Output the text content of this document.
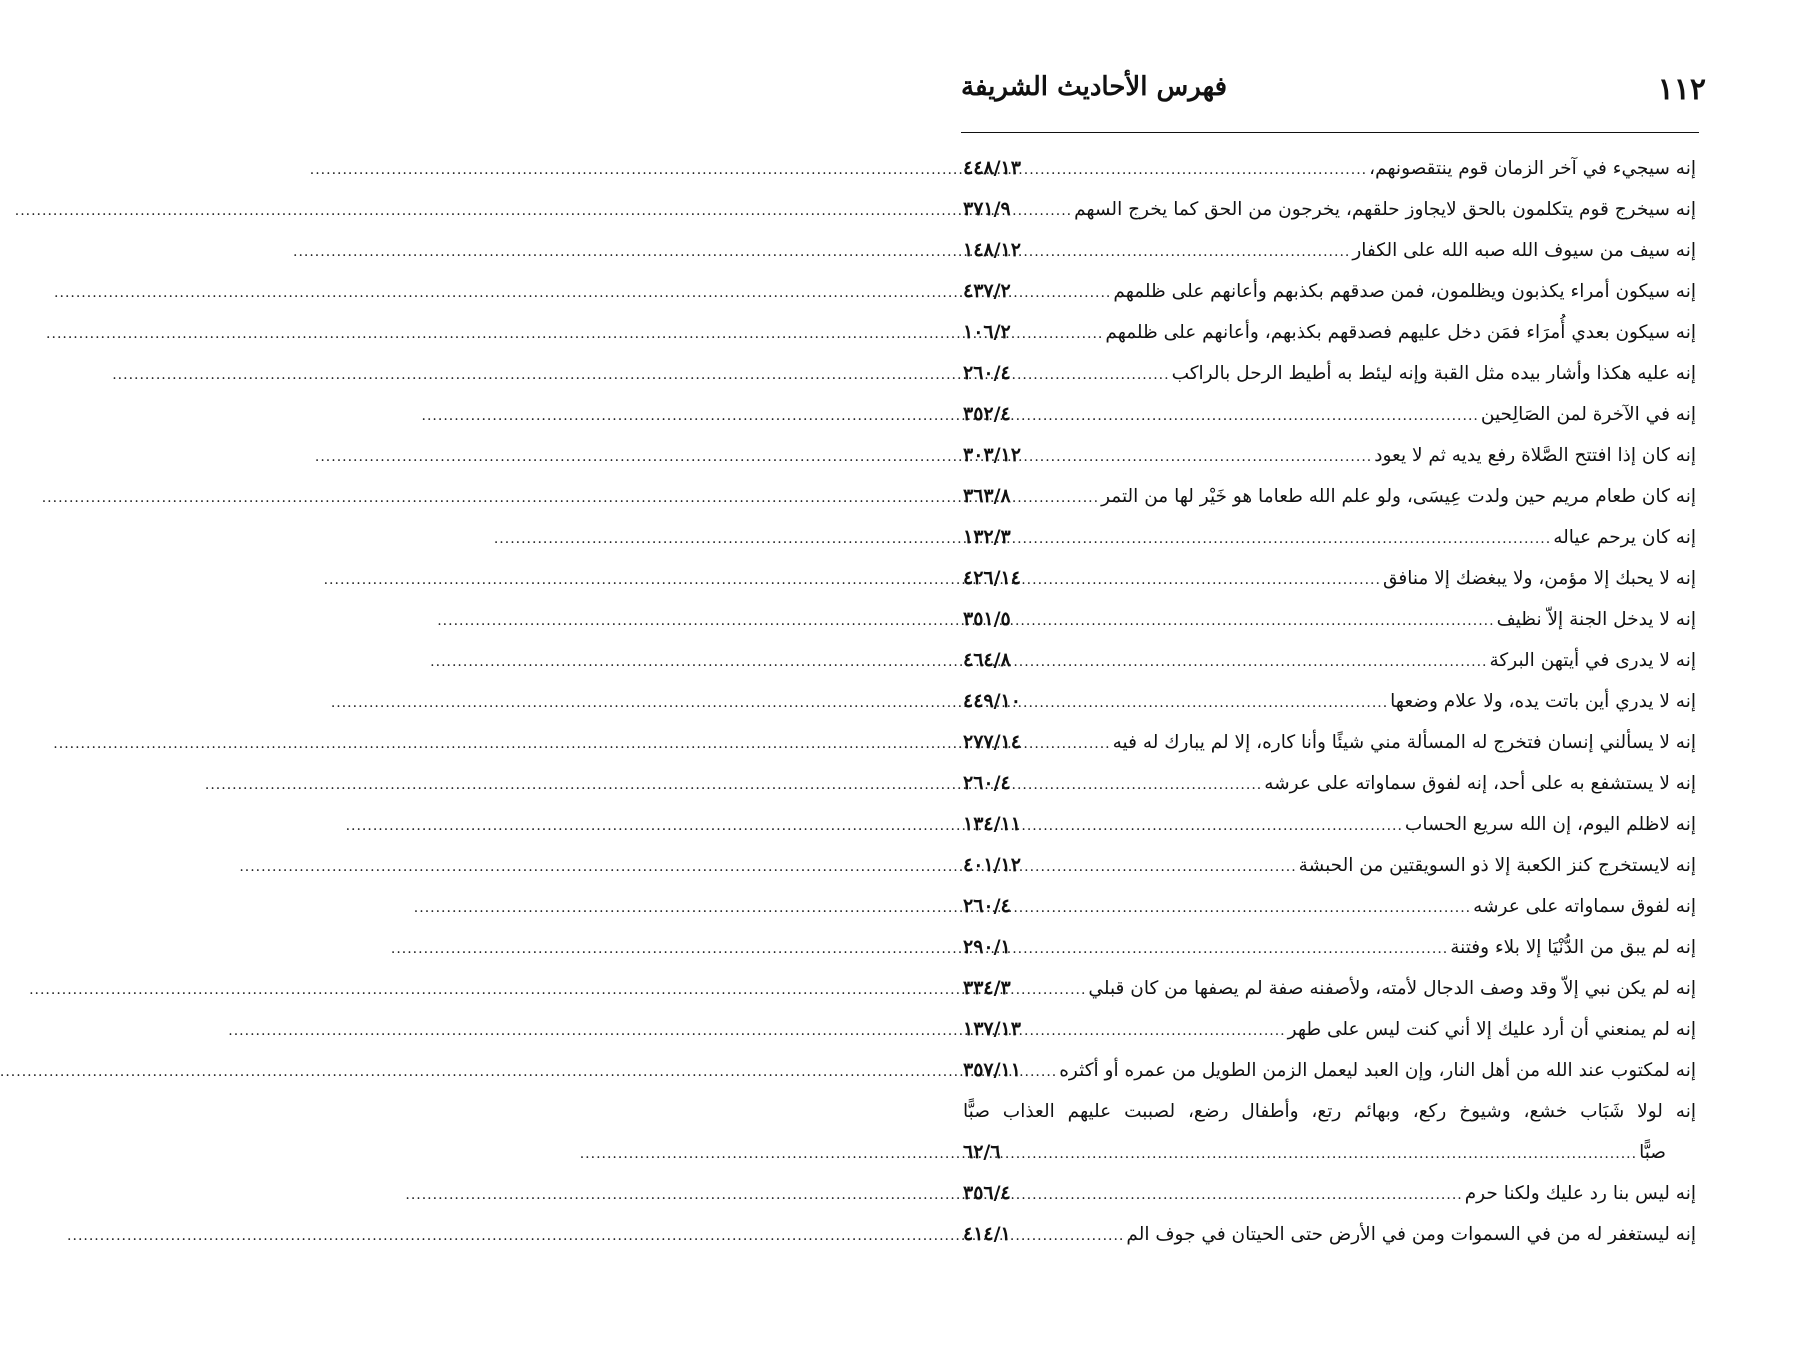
١١٢
فهرس الأحاديث الشريفة
إنه سيجيء في آخر الزمان قوم ينتقصونهم،
.....
٤٤٨/١٣
إنه سيخرج قوم يتكلمون بالحق لايجاوز حلقهم، يخرجون من الحق كما يخرج السهم
.....
٣٧١/٩
إنه سيف من سيوف الله صبه الله على الكفار
.....
١٤٨/١٢
إنه سيكون أمراء يكذبون ويظلمون، فمن صدقهم بكذبهم وأعانهم على ظلمهم
.....
٤٣٧/٢
إنه سيكون بعدي أُمرَاء فمَن دخل عليهم فصدقهم بكذبهم، وأعانهم على ظلمهم
.....
١٠٦/٢
إنه عليه هكذا وأشار بيده مثل القبة وإنه ليئط به أطيط الرحل بالراكب
.....
٢٦٠/٤
إنه في الآخرة لمن الصَالِحين
.....
٣٥٢/٤
إنه كان إذا افتتح الصَّلاة رفع يديه ثم لا يعود
.....
٣٠٣/١٢
إنه كان طعام مريم حين ولدت عِيسَى، ولو علم الله طعاما هو خَيْر لها من التمر
.....
٣٦٣/٨
إنه كان يرحم عياله
.....
١٣٢/٣
إنه لا يحبك إلا مؤمن، ولا يبغضك إلا منافق
.....
٤٢٦/١٤
إنه لا يدخل الجنة إلاّ نظيف
.....
٣٥١/٥
إنه لا يدرى في أيتهن البركة
.....
٤٦٤/٨
إنه لا يدري أين باتت يده، ولا علام وضعها
.....
٤٤٩/١٠
إنه لا يسألني إنسان فتخرج له المسألة مني شيئًا وأنا كاره، إلا لم يبارك له فيه
.....
٢٧٧/١٤
إنه لا يستشفع به على أحد، إنه لفوق سماواته على عرشه
.....
٢٦٠/٤
إنه لاظلم اليوم، إن الله سريع الحساب
.....
١٣٤/١١
إنه لايستخرج كنز الكعبة إلا ذو السويقتين من الحبشة
.....
٤٠١/١٢
إنه لفوق سماواته على عرشه
.....
٢٦٠/٤
إنه لم يبق من الدُّنْيَا إلا بلاء وفتنة
.....
٢٩٠/١
إنه لم يكن نبي إلاّ وقد وصف الدجال لأمته، ولأصفنه صفة لم يصفها من كان قبلي
.....
٣٣٤/٣
إنه لم يمنعني أن أرد عليك إلا أني كنت ليس على طهر
.....
١٣٧/١٣
إنه لمكتوب عند الله من أهل النار، وإن العبد ليعمل الزمن الطويل من عمره أو أكثره
.....
٣٥٧/١١
إنه لولا شَبَاب خشع، وشيوخ ركع، وبهائم رتع، وأطفال رضع، لصببت عليهم العذاب صبًّا
صبًّا
.....
٦٢/٦
إنه ليس بنا رد عليك ولكنا حرم
.....
٣٥٦/٤
إنه ليستغفر له من في السموات ومن في الأرض حتى الحيتان في جوف الم
.....
٤١٤/١
